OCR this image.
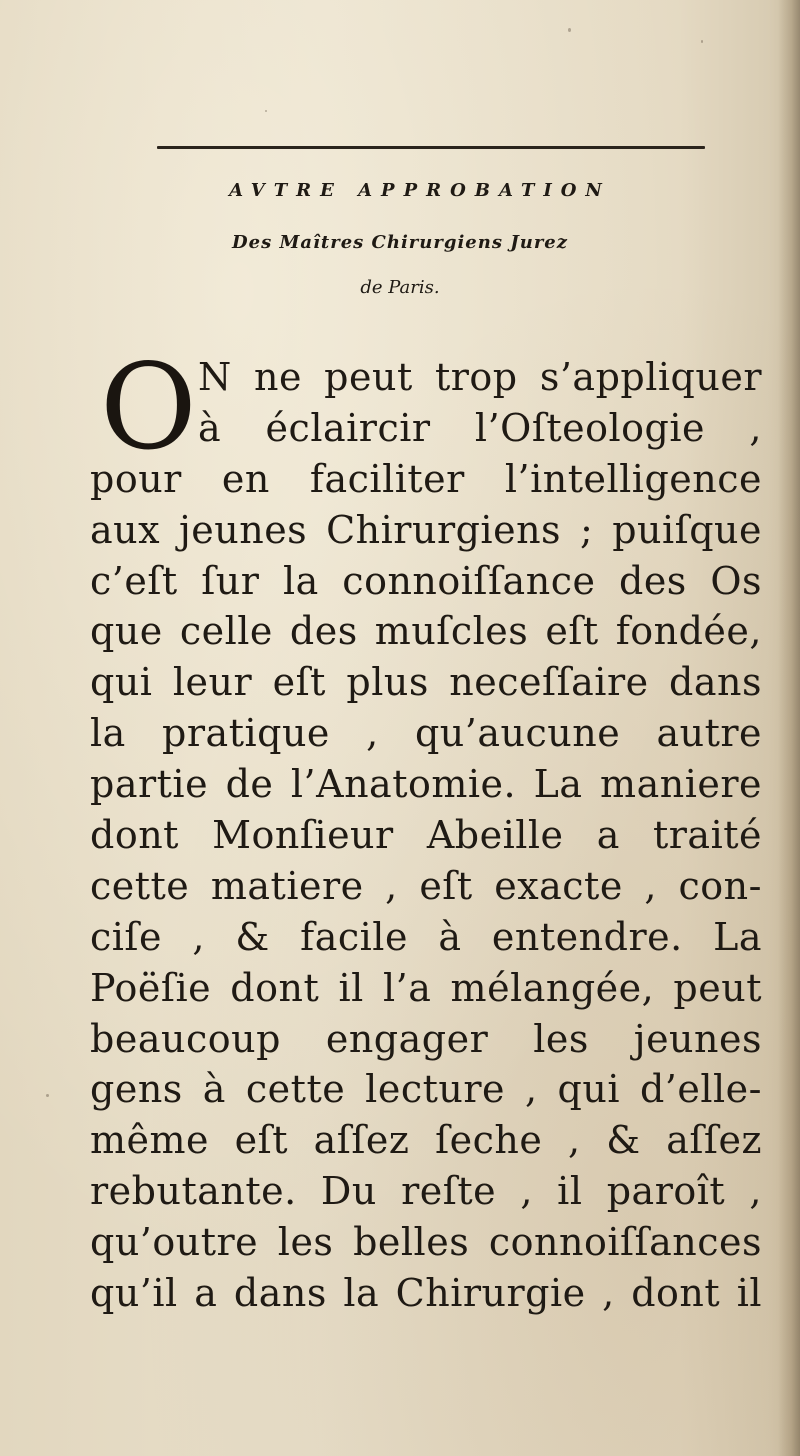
AVTRE APPROBATION
Des Maîtres Chirurgiens Jurez
de Paris.
O N ne peut trop s’appliquer
à éclaircir l’Oſteologie ,
pour en faciliter l’intelligence
aux jeunes Chirurgiens ; puiſque
c’eſt ſur la connoiſſance des Os
que celle des muſcles eſt fondée,
qui leur eſt plus neceſſaire dans
la pratique , qu’aucune autre
partie de l’Anatomie. La maniere
dont Monſieur Abeille a traité
cette matiere , eſt exacte , con-
ciſe , & facile à entendre. La
Poëſie dont il l’a mélangée, peut
beaucoup engager les jeunes
gens à cette lecture , qui d’elle-
même eſt aſſez ſeche , & aſſez
rebutante. Du reſte , il paroît ,
qu’outre les belles connoiſſances
qu’il a dans la Chirurgie , dont il
